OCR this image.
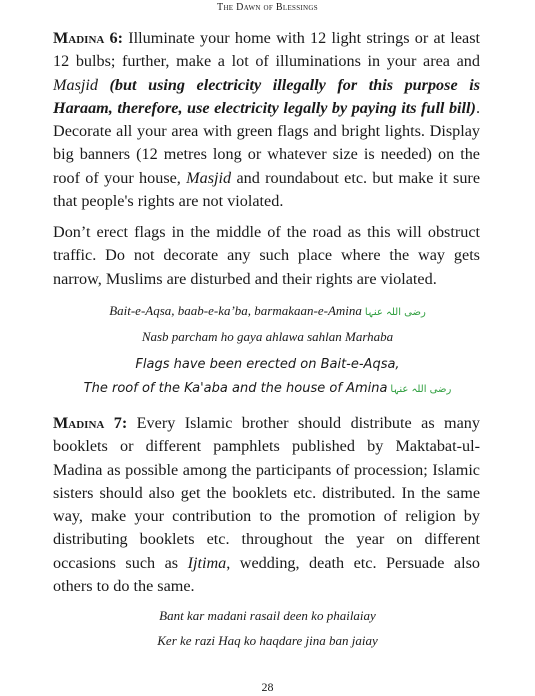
The Dawn of Blessings
Madina 6: Illuminate your home with 12 light strings or at least 12 bulbs; further, make a lot of illuminations in your area and Masjid (but using electricity illegally for this purpose is Haraam, therefore, use electricity legally by paying its full bill). Decorate all your area with green flags and bright lights. Display big banners (12 metres long or whatever size is needed) on the roof of your house, Masjid and roundabout etc. but make it sure that people's rights are not violated.
Don’t erect flags in the middle of the road as this will obstruct traffic. Do not decorate any such place where the way gets narrow, Muslims are disturbed and their rights are violated.
Bait-e-Aqsa, baab-e-ka’ba, barmakaan-e-Amina رضی اللہ عنہا
Nasb parcham ho gaya ahlawa sahlan Marhaba
Flags have been erected on Bait-e-Aqsa,
The roof of the Ka'aba and the house of Amina رضی اللہ عنہا
Madina 7: Every Islamic brother should distribute as many booklets or different pamphlets published by Maktabat-ul-Madina as possible among the participants of procession; Islamic sisters should also get the booklets etc. distributed. In the same way, make your contribution to the promotion of religion by distributing booklets etc. throughout the year on different occasions such as Ijtima, wedding, death etc. Persuade also others to do the same.
Bant kar madani rasail deen ko phailaiay
Ker ke razi Haq ko haqdare jina ban jaiay
28
